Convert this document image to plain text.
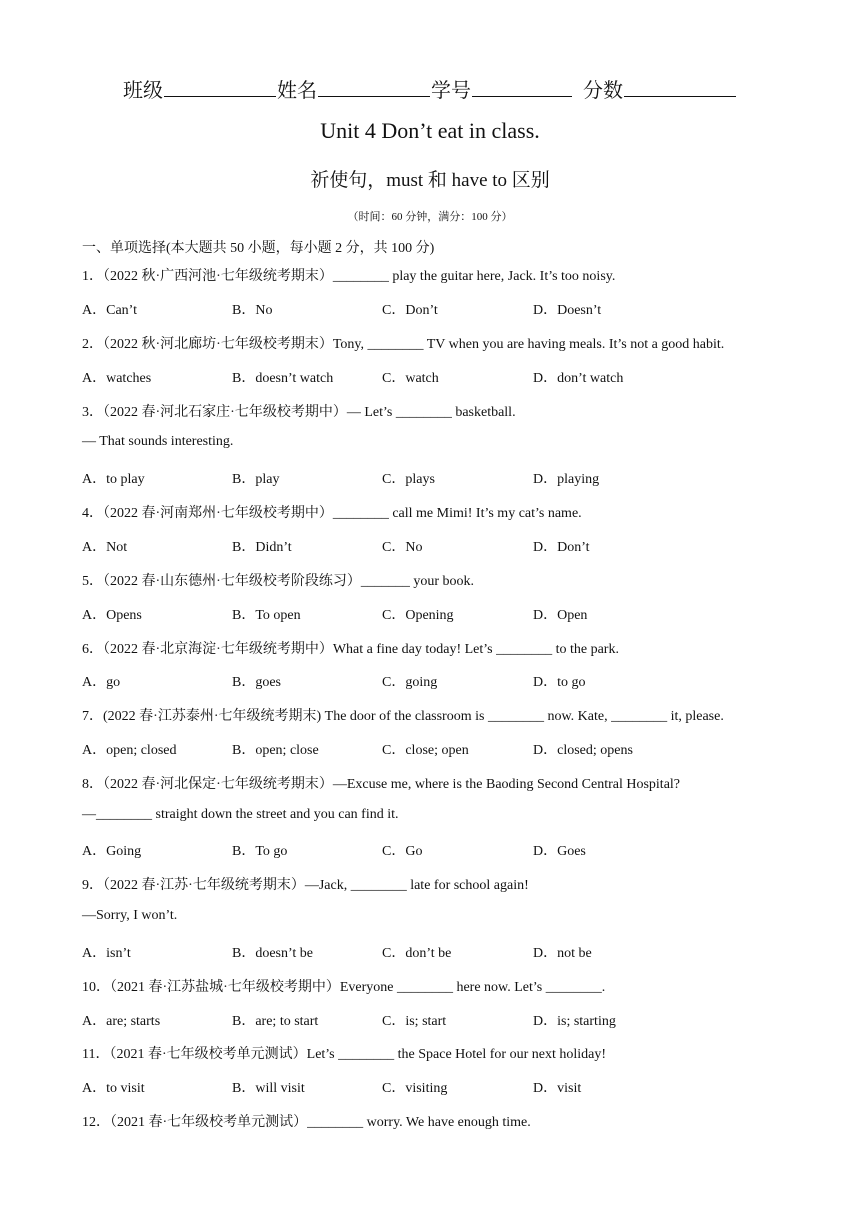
班级	姓名	学号	分数
Unit 4 Don’t eat in class.
祈使句，must 和 have to 区别
（时间：60 分钟，满分：100 分）
一、单项选择(本大题共 50 小题，每小题 2 分，共 100 分)
1．（2022 秋·广西河池·七年级统考期末）________ play the guitar here, Jack. It’s too noisy.
A．Can’t	B．No	C．Don’t	D．Doesn’t
2．（2022 秋·河北廊坊·七年级校考期末）Tony, ________ TV when you are having meals. It’s not a good habit.
A．watches	B．doesn’t watch	C．watch	D．don’t watch
3．（2022 春·河北石家庄·七年级校考期中）— Let’s ________ basketball.
— That sounds interesting.
A．to play	B．play	C．plays	D．playing
4．（2022 春·河南郑州·七年级校考期中）________ call me Mimi! It’s my cat’s name.
A．Not	B．Didn’t	C．No	D．Don’t
5．（2022 春·山东德州·七年级校考阶段练习）_______ your book.
A．Opens	B．To open	C．Opening	D．Open
6．（2022 春·北京海淀·七年级统考期中）What a fine day today! Let’s ________ to the park.
A．go	B．goes	C．going	D．to go
7．(2022 春·江苏泰州·七年级统考期末) The door of the classroom is ________ now. Kate, ________ it, please.
A．open; closed	B．open; close	C．close; open	D．closed; opens
8．（2022 春·河北保定·七年级统考期末）—Excuse me, where is the Baoding Second Central Hospital?
—________ straight down the street and you can find it.
A．Going	B．To go	C．Go	D．Goes
9．（2022 春·江苏·七年级统考期末）—Jack, ________ late for school again!
—Sorry, I won’t.
A．isn’t	B．doesn’t be	C．don’t be	D．not be
10．（2021 春·江苏盐城·七年级校考期中）Everyone ________ here now. Let’s ________.
A．are; starts	B．are; to start	C．is; start	D．is; starting
11．（2021 春·七年级校考单元测试）Let’s ________ the Space Hotel for our next holiday!
A．to visit	B．will visit	C．visiting	D．visit
12．（2021 春·七年级校考单元测试）________ worry. We have enough time.
